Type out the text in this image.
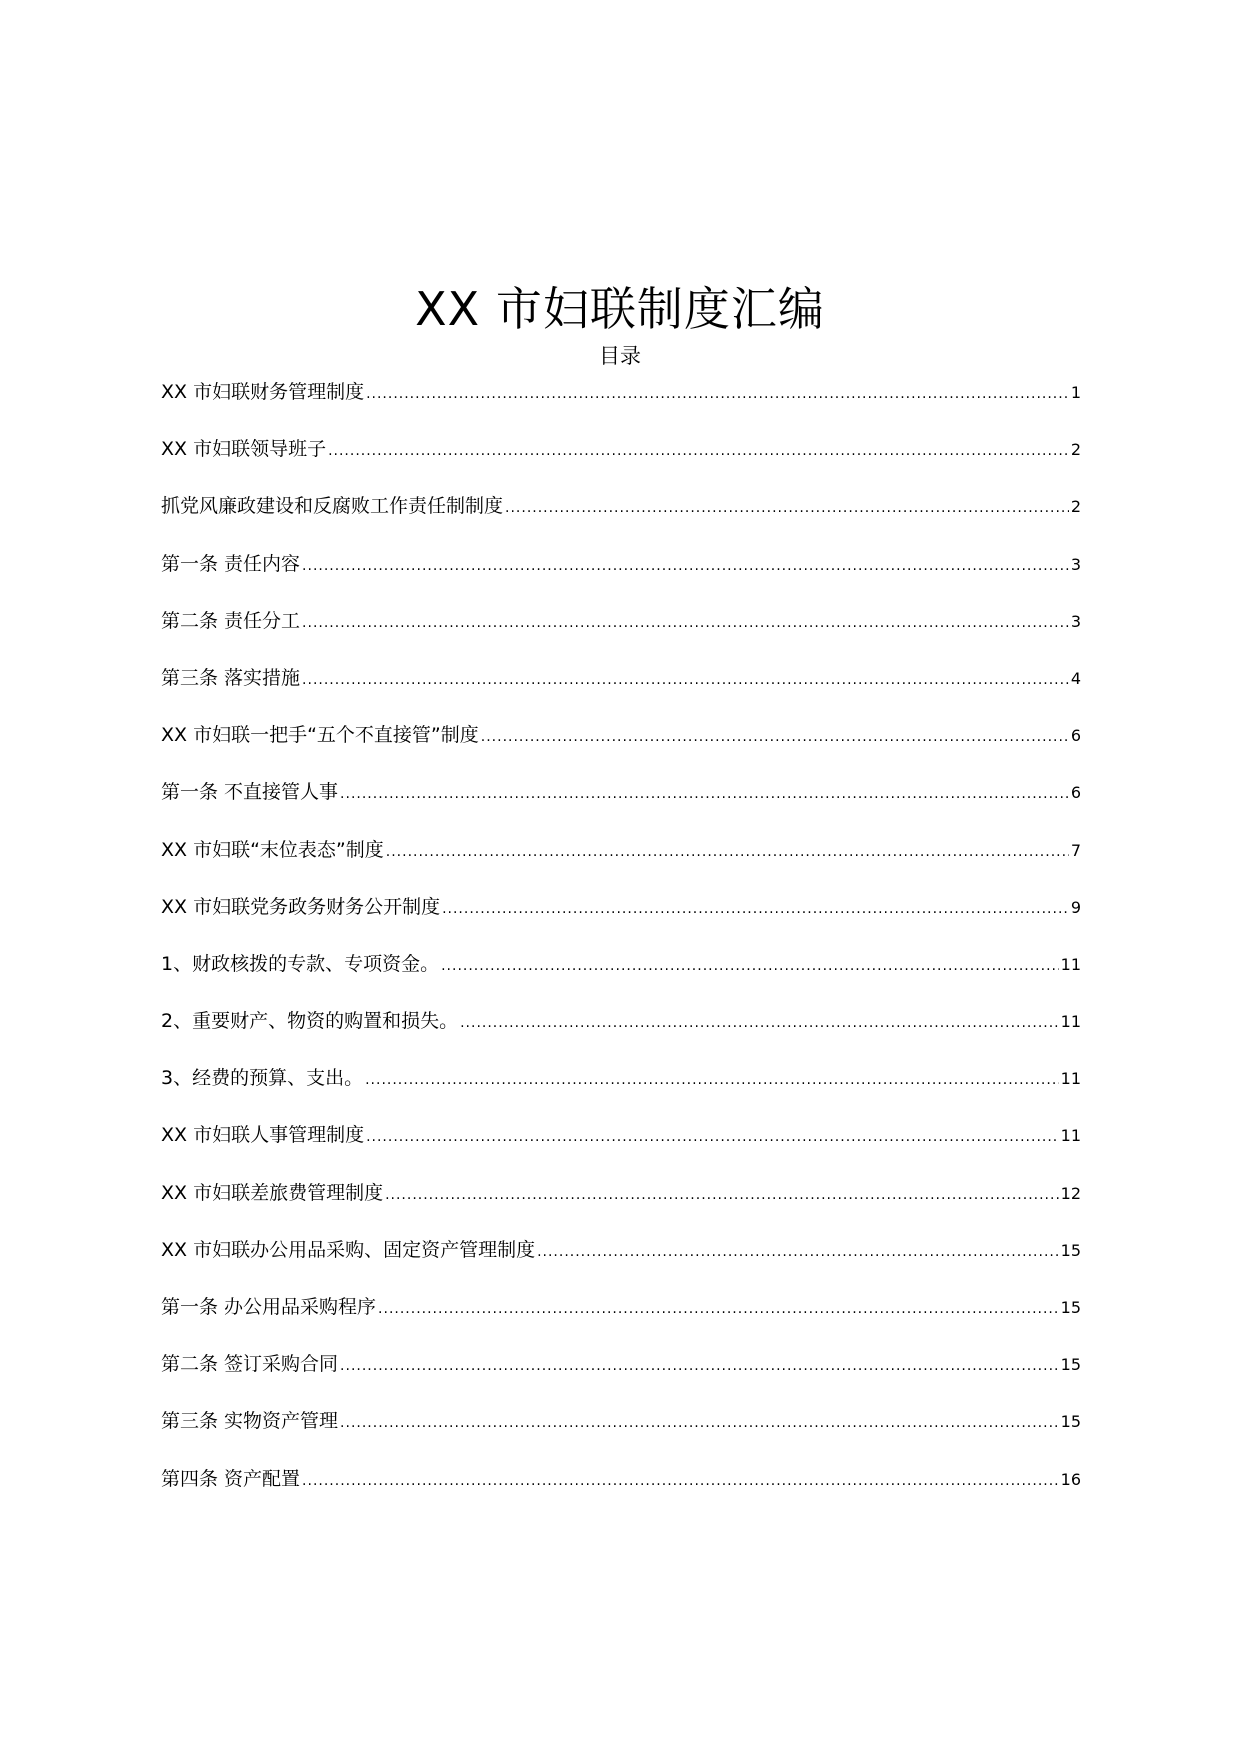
XX 市妇联制度汇编
目录
XX 市妇联财务管理制度 .....	1
XX 市妇联领导班子 .....	2
抓党风廉政建设和反腐败工作责任制制度 .....	2
第一条 责任内容 .....	3
第二条 责任分工 .....	3
第三条 落实措施 .....	4
XX 市妇联一把手“五个不直接管”制度 .....	6
第一条 不直接管人事 .....	6
XX 市妇联“末位表态”制度 .....	7
XX 市妇联党务政务财务公开制度 .....	9
1、财政核拨的专款、专项资金。 .....	11
2、重要财产、物资的购置和损失。 .....	11
3、经费的预算、支出。 .....	11
XX 市妇联人事管理制度 .....	11
XX 市妇联差旅费管理制度 .....	12
XX 市妇联办公用品采购、固定资产管理制度 .....	15
第一条 办公用品采购程序 .....	15
第二条 签订采购合同 .....	15
第三条 实物资产管理 .....	15
第四条 资产配置 .....	16
